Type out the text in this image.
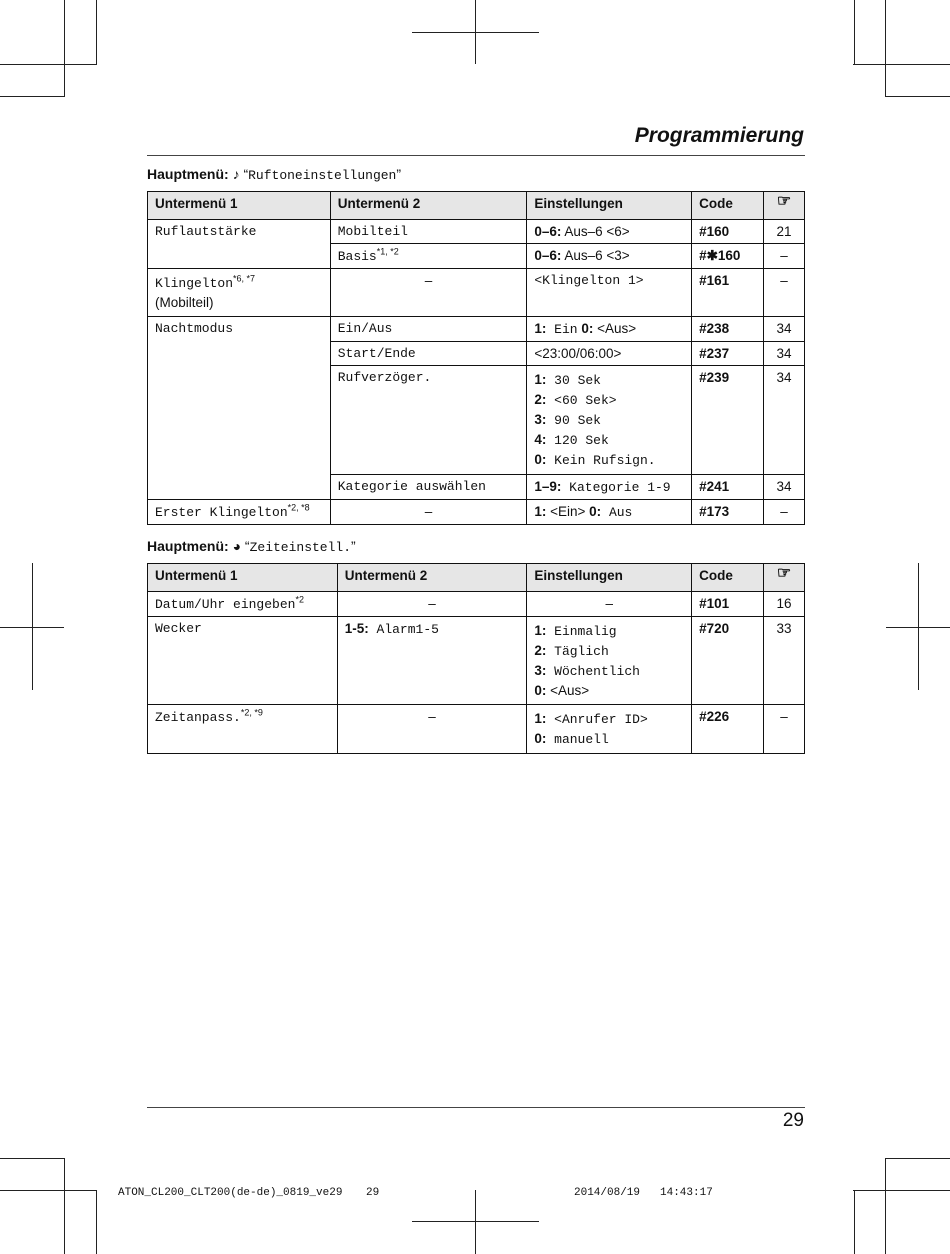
Programmierung
Hauptmenü: ♪ “Ruftoneinstellungen”
Untermenü 1	Untermenü 2	Einstellungen	Code	☞
Ruflautstärke	Mobilteil	0–6: Aus–6 <6>	#160	21
	Basis$^{*1, *2}$	0–6: Aus–6 <3>	#✱160	–

Klingelton$^{*6, *7}$
(Mobilteil)	–	<Klingelton 1>	#161	–
Nachtmodus	Ein/Aus	1: Ein 0: <Aus>	#238	34
	Start/Ende	<23:00/06:00>	#237	34
	Rufverzöger.	1: 30 Sek
2: <60 Sek>
3: 90 Sek
4: 120 Sek
0: Kein Rufsign.	#239	34
	Kategorie auswählen	1–9: Kategorie 1-9	#241	34
Erster Klingelton$^{*2, *8}$	–	1: <Ein> 0: Aus	#173	–
Hauptmenü: ◕ “Zeiteinstell.”
Untermenü 1	Untermenü 2	Einstellungen	Code	☞
Datum/Uhr eingeben$^{*2}$	–	–	#101	16
Wecker	1-5: Alarm1-5	1: Einmalig
2: Täglich
3: Wöchentlich
0: <Aus>	#720	33
Zeitanpass.$^{*2, *9}$	–	1: <Anrufer ID>
0: manuell	#226	–
29
ATON_CL200_CLT200(de-de)_0819_ve29 29	2014/08/19 14:43:17
